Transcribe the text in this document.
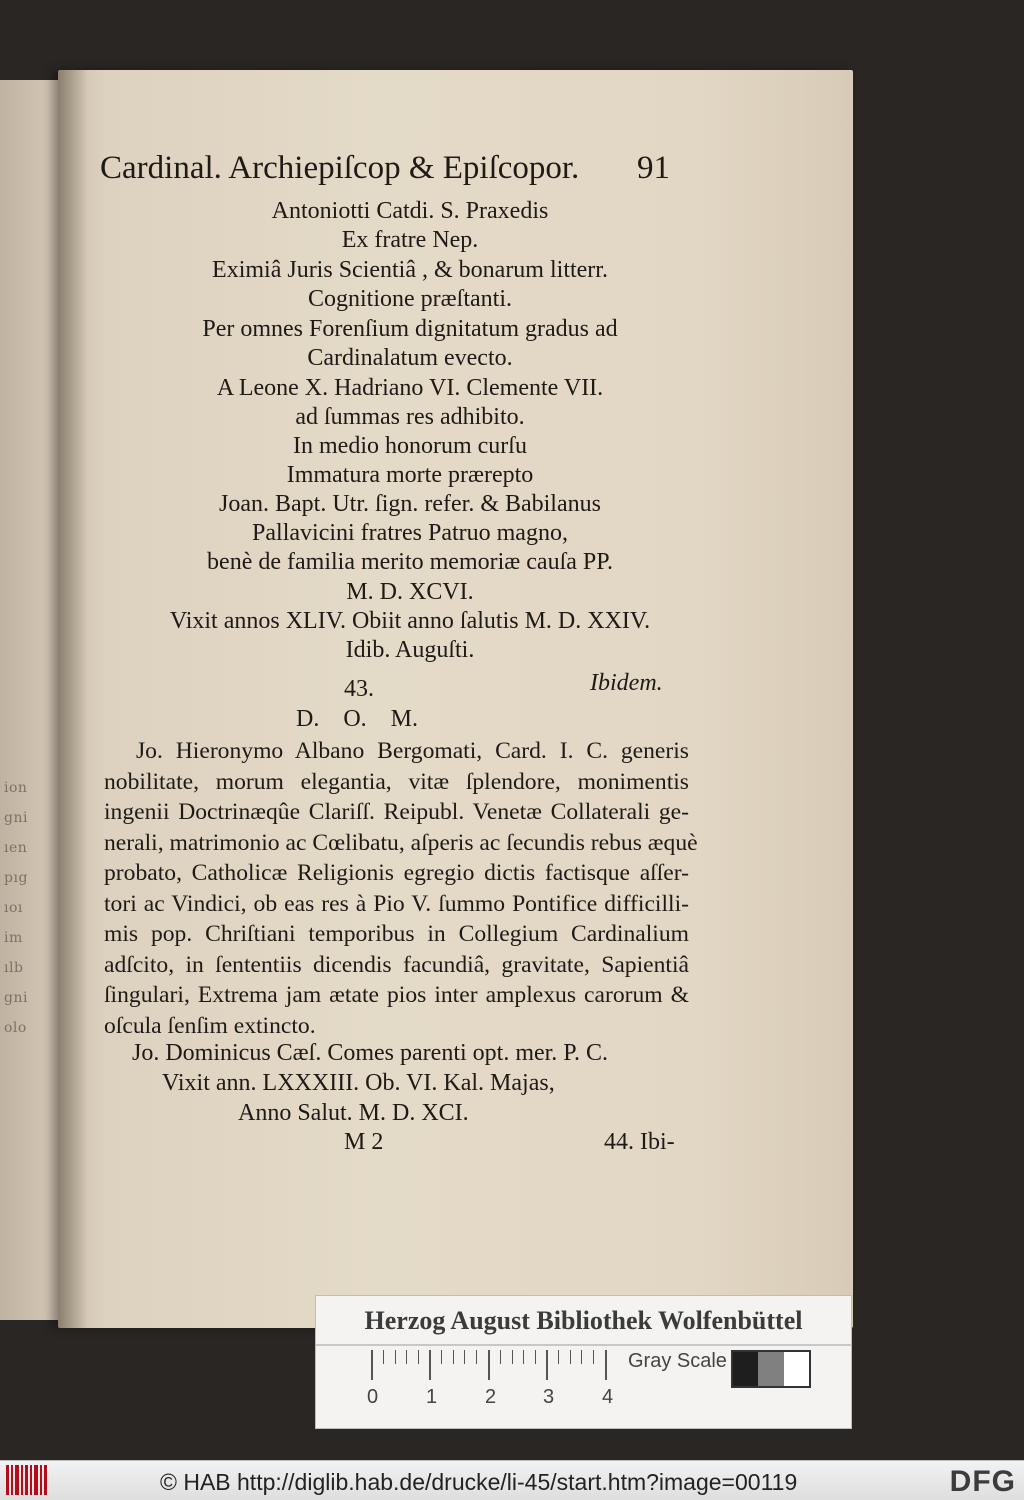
ion
gni
ıen
pıg
ıoı
im
ılb
gni
olo
Cardinal. Archiepiſcop & Epiſcopor. 91
Antoniotti Catdi. S. Praxedis
Ex fratre Nep.
Eximiâ Juris Scientiâ , & bonarum litterr.
Cognitione præſtanti.
Per omnes Forenſium dignitatum gradus ad
Cardinalatum evecto.
A Leone X. Hadriano VI. Clemente VII.
ad ſummas res adhibito.
In medio honorum curſu
Immatura morte prærepto
Joan. Bapt. Utr. ſign. refer. & Babilanus
Pallavicini fratres Patruo magno,
benè de familia merito memoriæ cauſa PP.
M. D. XCVI.
Vixit annos XLIV. Obiit anno ſalutis M. D. XXIV.
Idib. Auguſti.
43.	Ibidem.
D. O. M.
Jo. Hieronymo Albano Bergomati, Card. I. C. generis
nobilitate, morum elegantia, vitæ ſplendore, monimentis
ingenii Doctrinæqûe Clariſſ. Reipubl. Venetæ Collaterali ge-
nerali, matrimonio ac Cœlibatu, aſperis ac ſecundis rebus æquè
probato, Catholicæ Religionis egregio dictis factisque aſſer-
tori ac Vindici, ob eas res à Pio V. ſummo Pontifice difficilli-
mis pop. Chriſtiani temporibus in Collegium Cardinalium
adſcito, in ſententiis dicendis facundiâ, gravitate, Sapientiâ
ſingulari, Extrema jam ætate pios inter amplexus carorum &
oſcula ſenſim extincto.
Jo. Dominicus Cæſ. Comes parenti opt. mer. P. C.
Vixit ann. LXXXIII. Ob. VI. Kal. Majas,
Anno Salut. M. D. XCI.
M 2	44. Ibi-
Herzog August Bibliothek Wolfenbüttel
0 1 2 3 4
Gray Scale
© HAB http://diglib.hab.de/drucke/li-45/start.htm?image=00119	DFG
